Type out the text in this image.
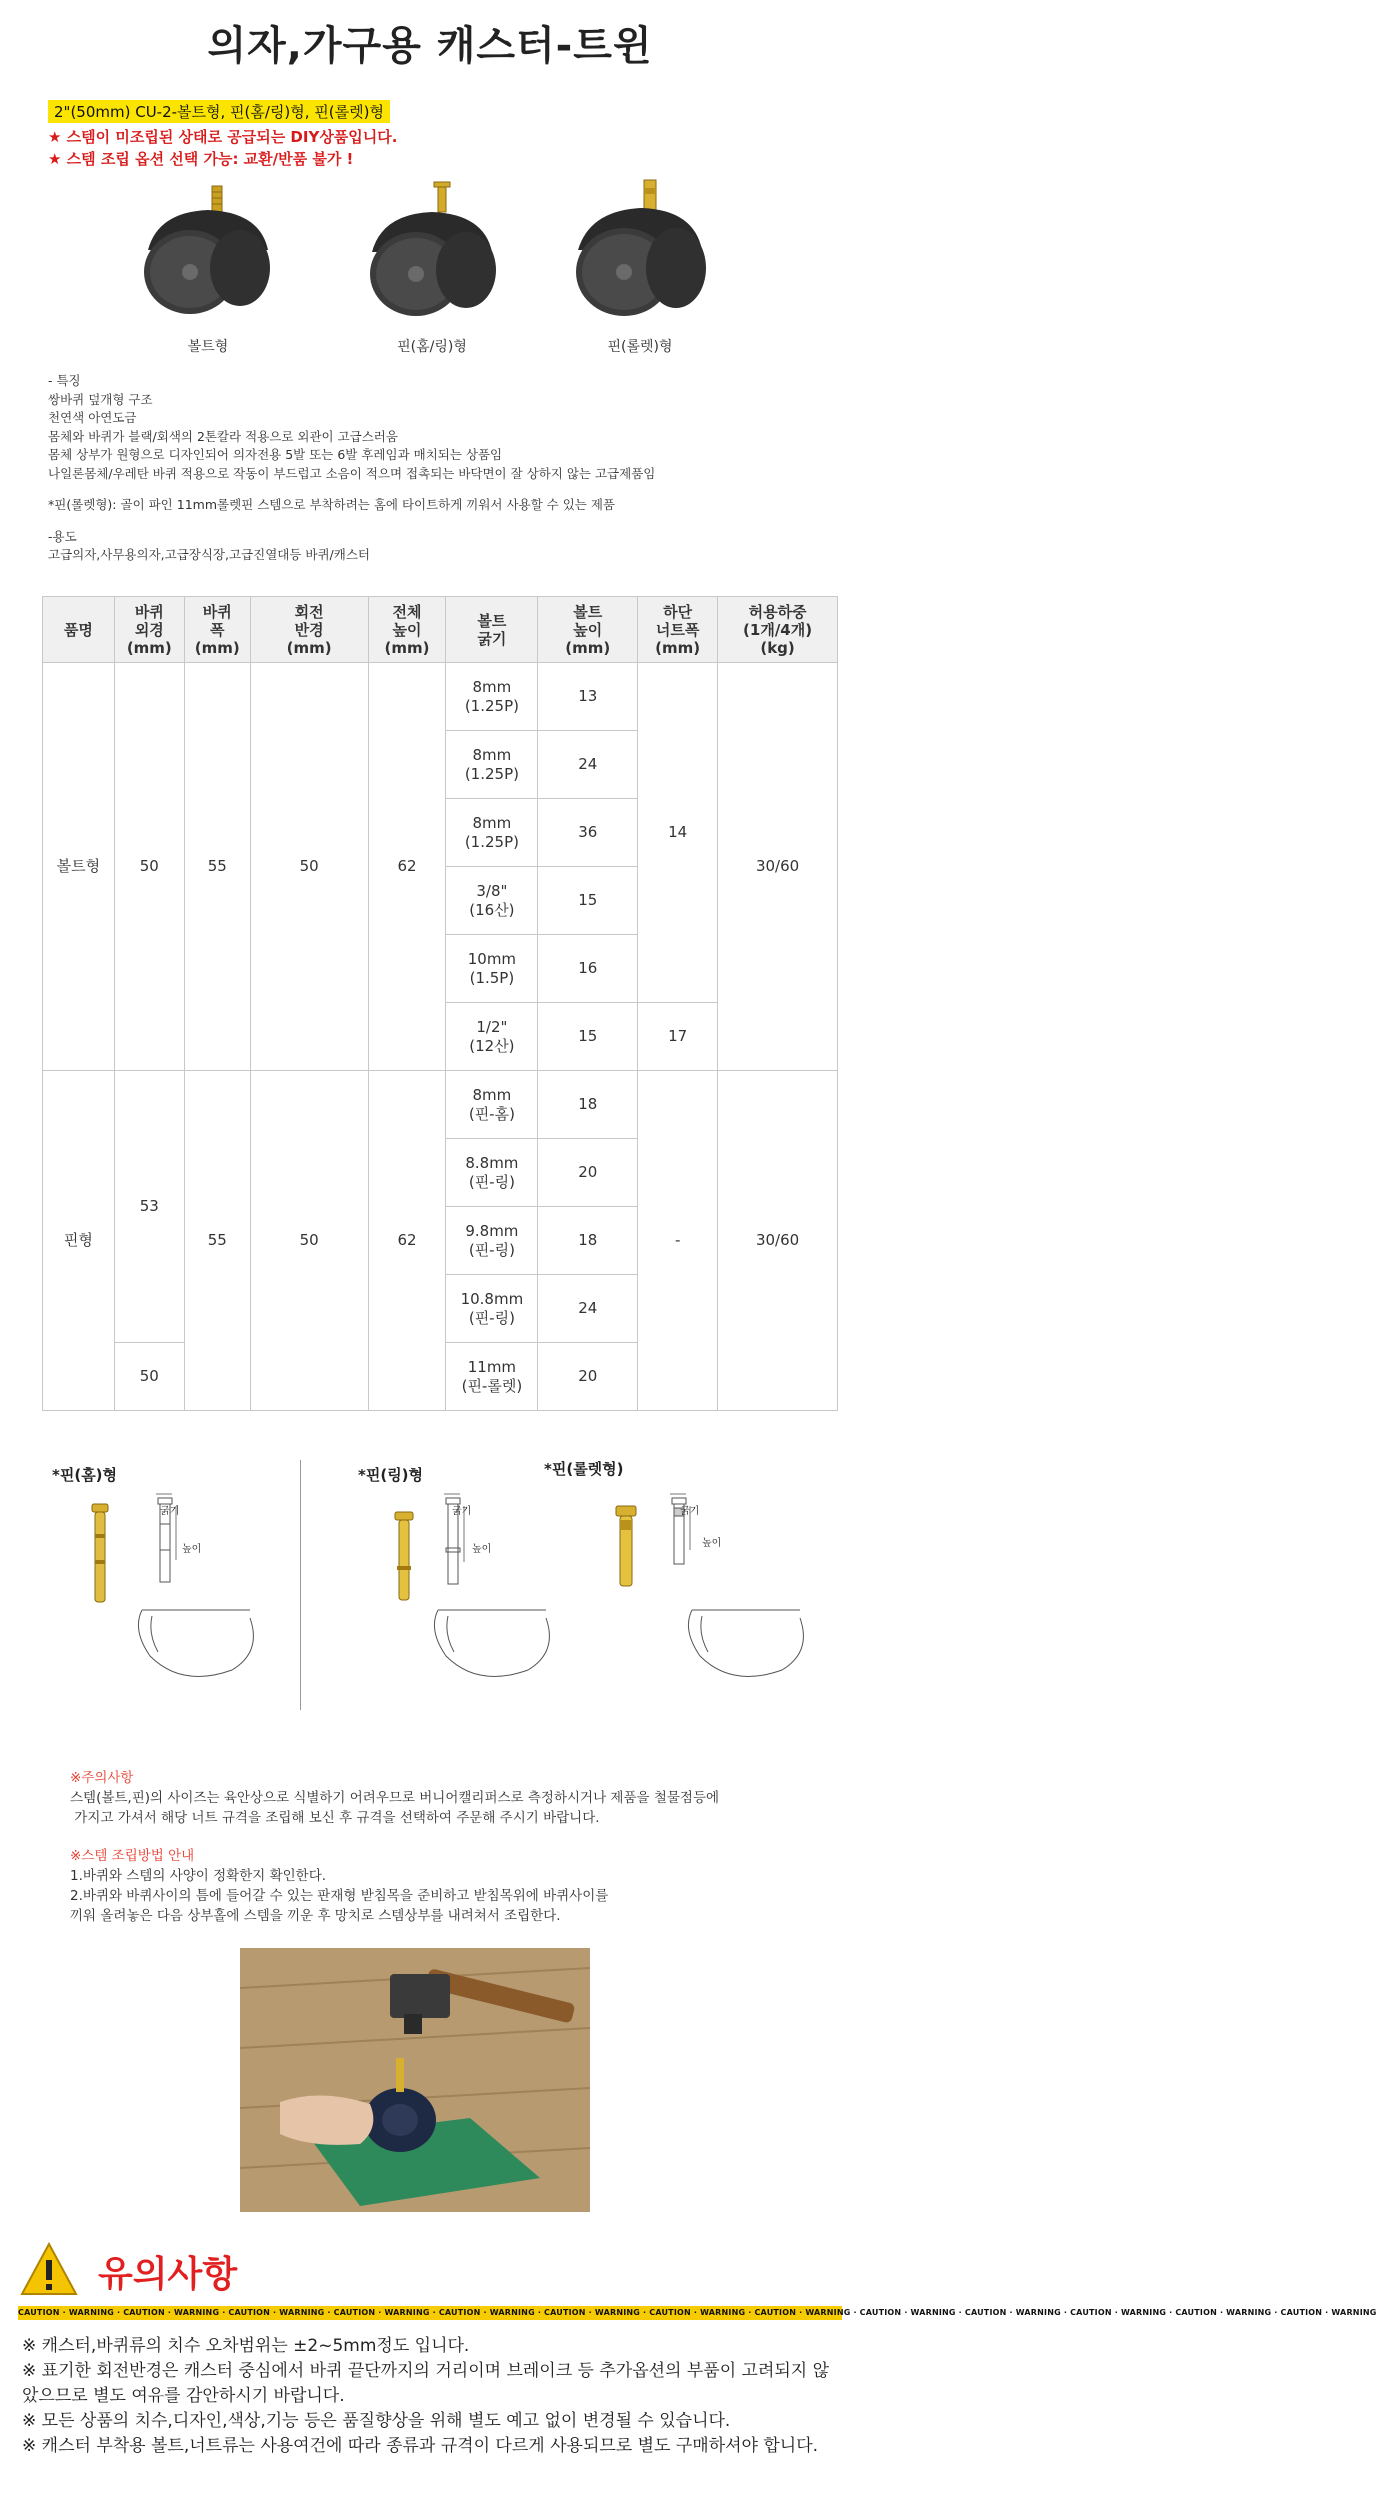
의자,가구용 캐스터-트윈
2"(50mm) CU-2-볼트형, 핀(홈/링)형, 핀(롤렛)형
★ 스템이 미조립된 상태로 공급되는 DIY상품입니다.
★ 스템 조립 옵션 선택 가능: 교환/반품 불가 !
볼트형	핀(홈/링)형	핀(롤렛)형

- 특징

쌍바퀴 덮개형 구조

천연색 아연도금

몸체와 바퀴가 블랙/회색의 2톤칼라 적용으로 외관이 고급스러움

몸체 상부가 원형으로 디자인되어 의자전용 5발 또는 6발 후레임과 매치되는 상품임

나일론몸체/우레탄 바퀴 적용으로 작동이 부드럽고 소음이 적으며 접촉되는 바닥면이 잘 상하지 않는 고급제품임

*핀(롤렛형): 골이 파인 11mm롤렛핀 스템으로 부착하려는 홈에 타이트하게 끼워서 사용할 수 있는 제품

-용도

고급의자,사무용의자,고급장식장,고급진열대등 바퀴/캐스터

품명	바퀴
외경
(mm)	바퀴
폭
(mm)	회전
반경
(mm)	전체
높이
(mm)	볼트
굵기	볼트
높이
(mm)	하단
너트폭
(mm)	허용하중
(1개/4개)
(kg)
볼트형	50	55	50	62	8mm
(1.25P)	13	14	30/60
					8mm
(1.25P)	24		
					8mm
(1.25P)	36		
					3/8"
(16산)	15		
					10mm
(1.5P)	16		
					1/2"
(12산)	15	17	
핀형	53	55	50	62	8mm
(핀-홈)	18	-	30/60
					8.8mm
(핀-링)	20		
					9.8mm
(핀-링)	18		
					10.8mm
(핀-링)	24		
	50				11mm
(핀-롤렛)	20		
*핀(홈)형	*핀(링)형	*핀(롤렛형)
굵기
높이
굵기
높이
굵기
높이

※주의사항

스템(볼트,핀)의 사이즈는 육안상으로 식별하기 어려우므로 버니어캘리퍼스로 측정하시거나 제품을 철물점등에

가지고 가셔서 해당 너트 규격을 조립해 보신 후 규격을 선택하여 주문해 주시기 바랍니다.

※스템 조립방법 안내

1.바퀴와 스템의 사양이 정확한지 확인한다.

2.바퀴와 바퀴사이의 틈에 들어갈 수 있는 판재형 받침목을 준비하고 받침목위에 바퀴사이를

끼워 올려놓은 다음 상부홀에 스템을 끼운 후 망치로 스템상부를 내려쳐서 조립한다.

유의사항
CAUTION · WARNING · CAUTION · WARNING · CAUTION · WARNING · CAUTION · WARNING · CAUTION · WARNING · CAUTION · WARNING · CAUTION · WARNING · CAUTION · WARNING · CAUTION · WARNING · CAUTION · WARNING · CAUTION · WARNING · CAUTION · WARNING · CAUTION · WARNING

※ 캐스터,바퀴류의 치수 오차범위는 ±2~5mm정도 입니다.

※ 표기한 회전반경은 캐스터 중심에서 바퀴 끝단까지의 거리이며 브레이크 등 추가옵션의 부품이 고려되지 않았으므로 별도 여유를 감안하시기 바랍니다.

※ 모든 상품의 치수,디자인,색상,기능 등은 품질향상을 위해 별도 예고 없이 변경될 수 있습니다.

※ 캐스터 부착용 볼트,너트류는 사용여건에 따라 종류과 규격이 다르게 사용되므로 별도 구매하셔야 합니다.
